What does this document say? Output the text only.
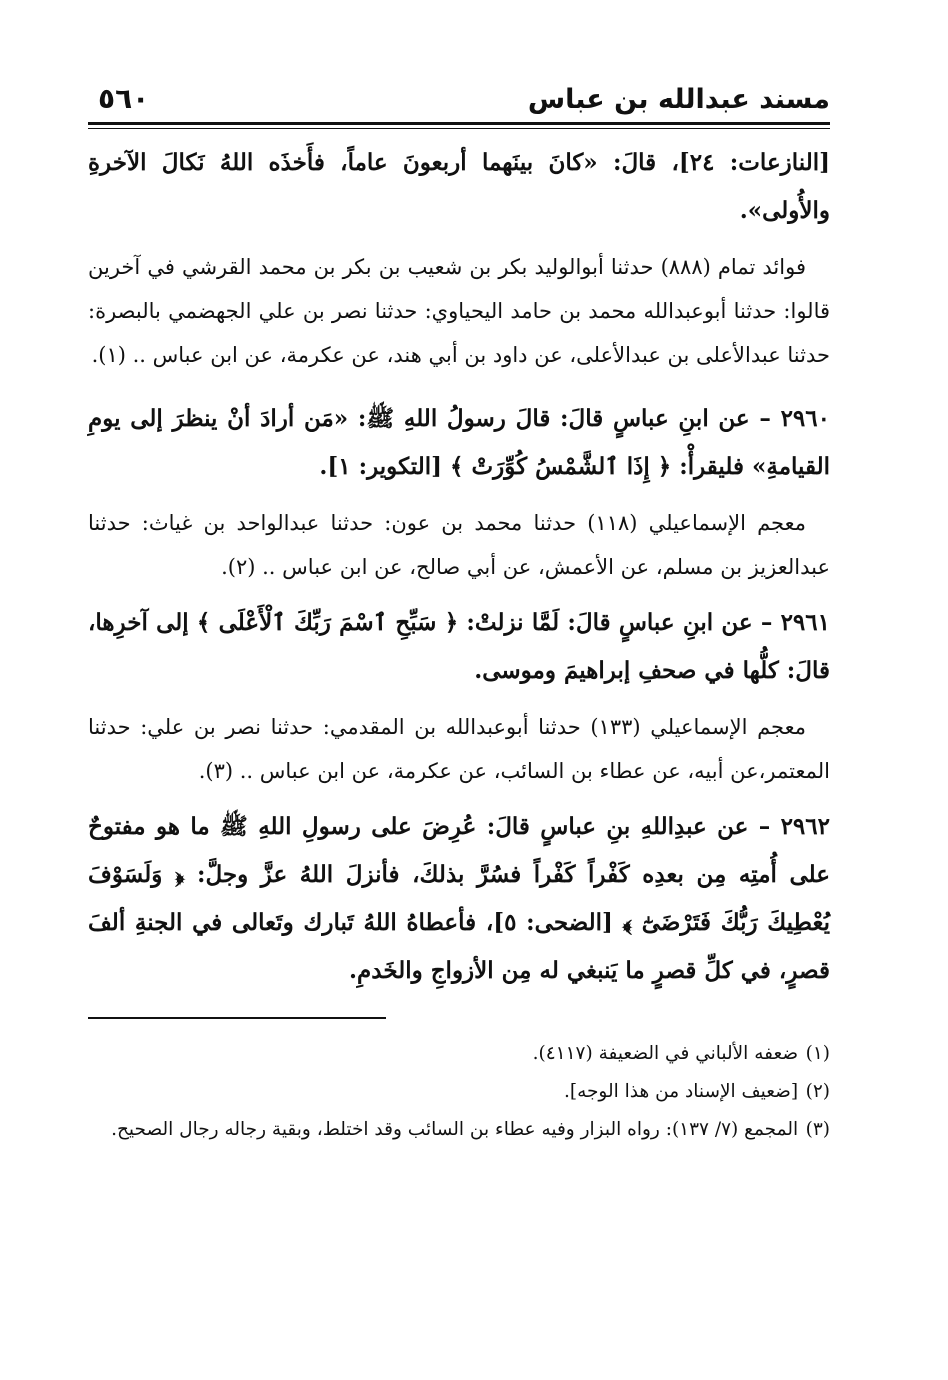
مسند عبدالله بن عباس
٥٦٠
[النازعات: ٢٤]، قالَ: «كانَ بينَهما أربعونَ عاماً، فأَخذَه اللهُ نَكالَ الآخرةِ والأُولى».
فوائد تمام (٨٨٨) حدثنا أبوالوليد بكر بن شعيب بن بكر بن محمد القرشي في آخرين قالوا: حدثنا أبوعبدالله محمد بن حامد اليحياوي: حدثنا نصر بن علي الجهضمي بالبصرة: حدثنا عبدالأعلى بن عبدالأعلى، عن داود بن أبي هند، عن عكرمة، عن ابن عباس .. (١).
٢٩٦٠ – عن ابنِ عباسٍ قالَ: قالَ رسولُ اللهِ ﷺ: «مَن أرادَ أنْ ينظرَ إلى يومِ القيامةِ» فليقرأْ: ﴿ إِذَا ٱلشَّمْسُ كُوِّرَتْ ﴾ [التكوير: ١].
معجم الإسماعيلي (١١٨) حدثنا محمد بن عون: حدثنا عبدالواحد بن غياث: حدثنا عبدالعزيز بن مسلم، عن الأعمش، عن أبي صالح، عن ابن عباس .. (٢).
٢٩٦١ – عن ابنِ عباسٍ قالَ: لَمَّا نزلتْ: ﴿ سَبِّحِ ٱسْمَ رَبِّكَ ٱلْأَعْلَى ﴾ إلى آخرِها، قالَ: كلُّها في صحفِ إبراهيمَ وموسى.
معجم الإسماعيلي (١٣٣) حدثنا أبوعبدالله بن المقدمي: حدثنا نصر بن علي: حدثنا المعتمر،عن أبيه، عن عطاء بن السائب، عن عكرمة، عن ابن عباس .. (٣).
٢٩٦٢ – عن عبدِاللهِ بنِ عباسٍ قالَ: عُرِضَ على رسولِ اللهِ ﷺ ما هو مفتوحٌ على أُمتِه مِن بعدِه كَفْراً كَفْراً فسُرَّ بذلكَ، فأنزلَ اللهُ عزَّ وجلَّ: ﴿ وَلَسَوْفَ يُعْطِيكَ رَبُّكَ فَتَرْضَىٰٓ ﴾ [الضحى: ٥]، فأعطاهُ اللهُ تَبارك وتَعالى في الجنةِ ألفَ قصرٍ، في كلِّ قصرٍ ما يَنبغي له مِن الأزواجِ والخَدمِ.
(١) ضعفه الألباني في الضعيفة (٤١١٧).
(٢) [ضعيف الإسناد من هذا الوجه].
(٣) المجمع (٧/ ١٣٧): رواه البزار وفيه عطاء بن السائب وقد اختلط، وبقية رجاله رجال الصحيح.
